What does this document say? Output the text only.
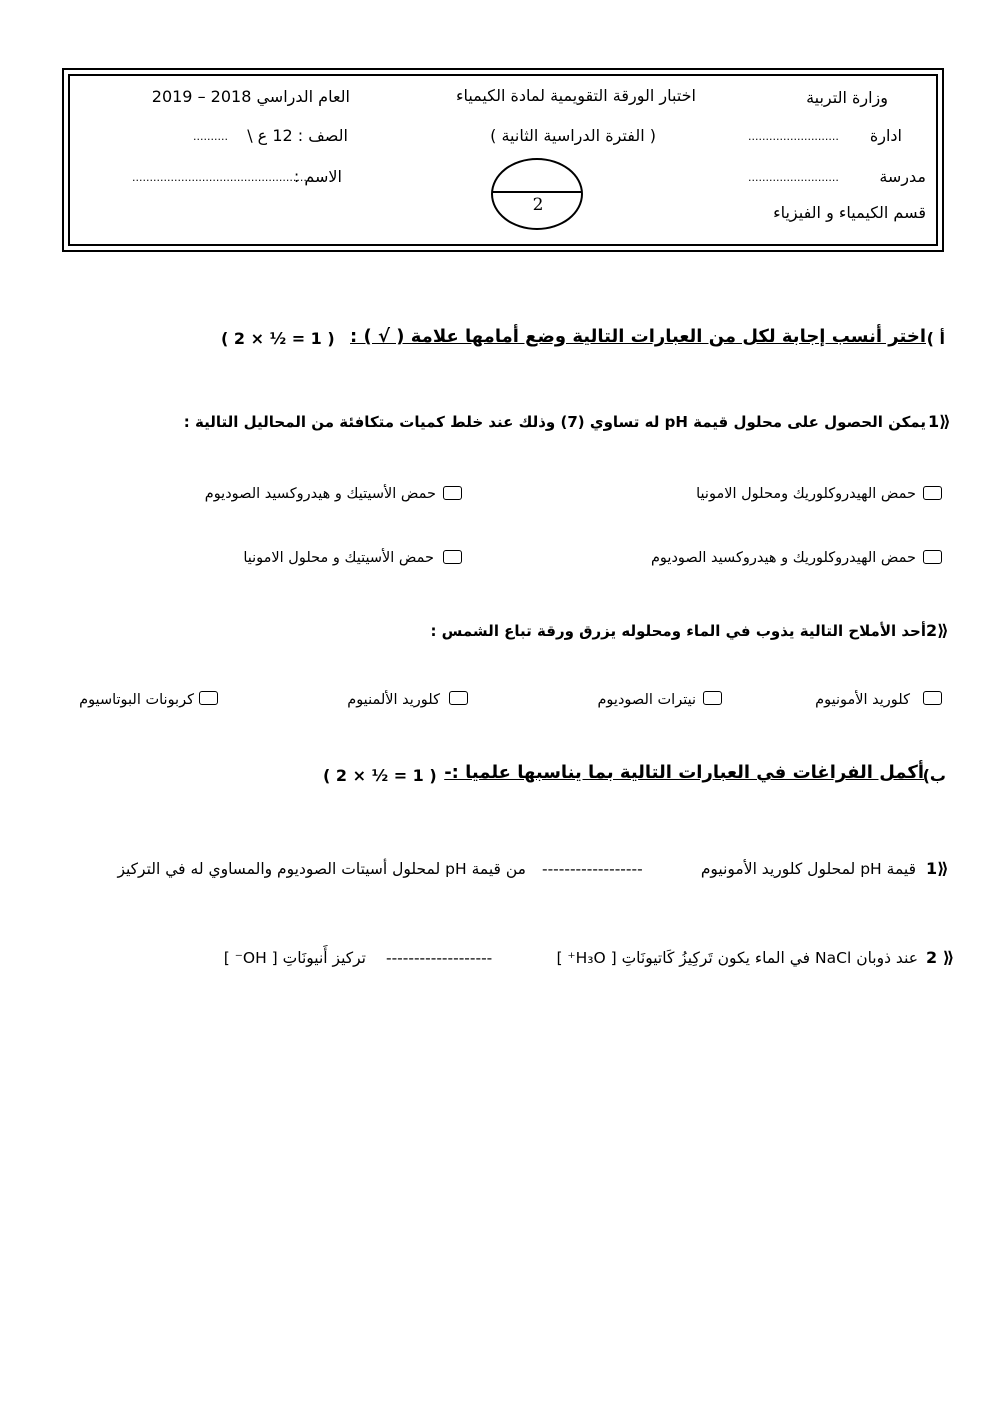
وزارة التربية
ادارة
..........................
مدرسة
..........................
قسم الكيمياء و الفيزياء
اختبار الورقة التقويمية لمادة الكيمياء
( الفترة الدراسية الثانية )
2
العام الدراسي 2018 – 2019
الصف : 12 ع \
..........
الاسم :
..................................................
أ )
اختر أنسب إجابة لكل من العبارات التالية وضع أمامها علامة ( √ ) :
( 2 × ½ = 1 )
1⟫
يمكن الحصول على محلول قيمة pH له تساوي (7) وذلك عند خلط كميات متكافئة من المحاليل التالية :
حمض الهيدروكلوريك ومحلول الامونيا
حمض الأسيتيك و هيدروكسيد الصوديوم
حمض الهيدروكلوريك و هيدروكسيد الصوديوم
حمض الأسيتيك و محلول الامونيا
2⟫
أحد الأملاح التالية يذوب في الماء ومحلوله يزرق ورقة تباع الشمس :
كلوريد الأمونيوم
نيترات الصوديوم
كلوريد الألمنيوم
كربونات البوتاسيوم
ب)
أكمل الفراغات في العبارات التالية بما يناسبها علميا :-
( 2 × ½ = 1 )
1⟫
قيمة pH لمحلول كلوريد الأمونيوم
------------------
من قيمة pH لمحلول أسيتات الصوديوم والمساوي له في التركيز
2 ⟫
عند ذوبان NaCl في الماء يكون تَركِيزُ كَاتيونَاتِ [ H₃O⁺ ]
-------------------
تركيز أَنيونَاتِ [ OH⁻ ]
